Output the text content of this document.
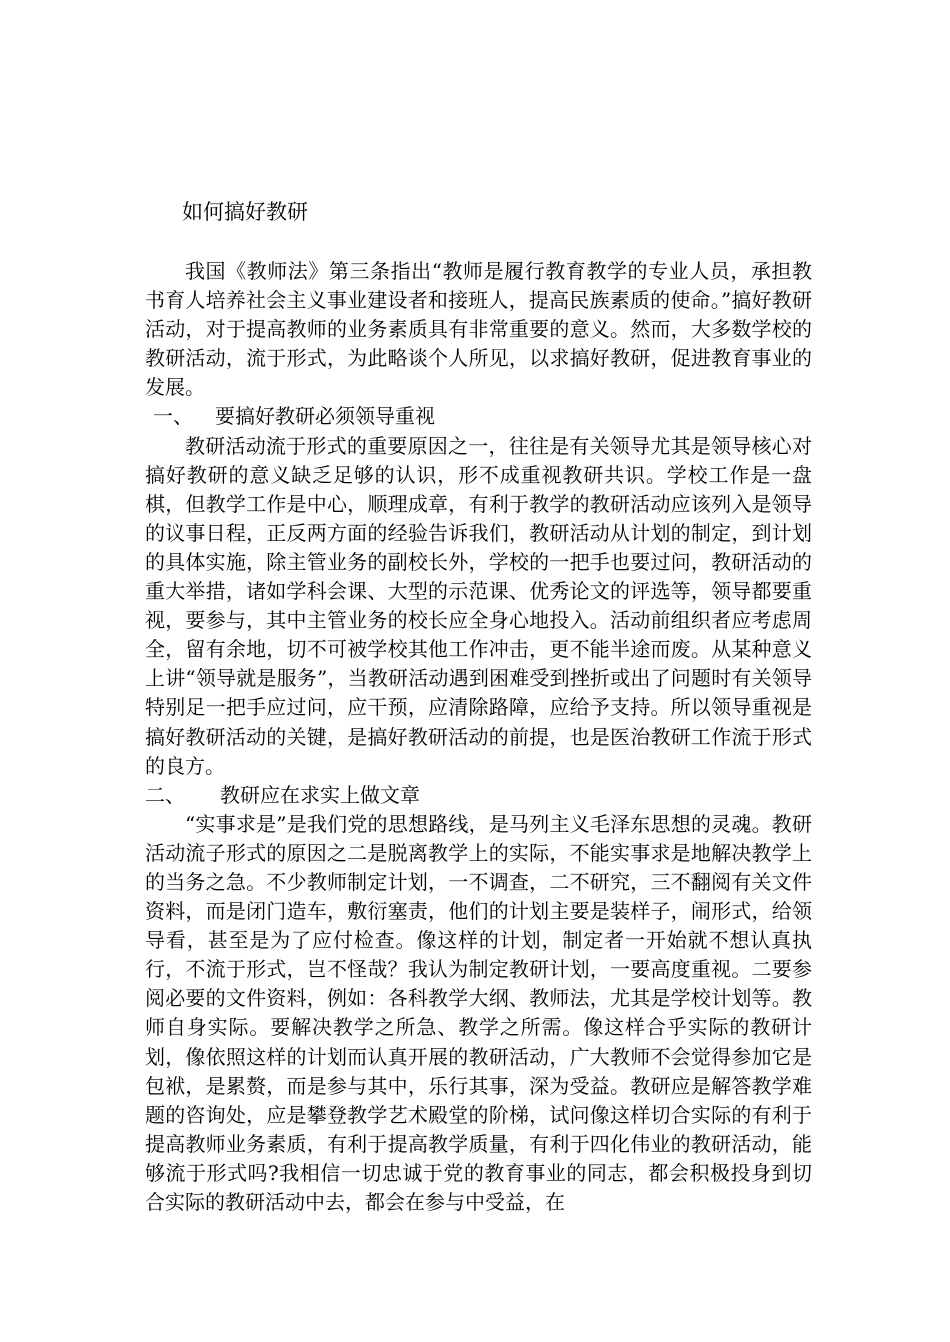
如何搞好教研

我国《教师法》第三条指出“教师是履行教育教学的专业人员，承担教书育人培养社会主义事业建设者和接班人，提高民族素质的使命。”搞好教研活动，对于提高教师的业务素质具有非常重要的意义。然而，大多数学校的教研活动，流于形式，为此略谈个人所见，以求搞好教研，促进教育事业的发展。

一、 要搞好教研必须领导重视

教研活动流于形式的重要原因之一，往往是有关领导尤其是领导核心对搞好教研的意义缺乏足够的认识，形不成重视教研共识。学校工作是一盘棋，但教学工作是中心，顺理成章，有利于教学的教研活动应该列入是领导的议事日程，正反两方面的经验告诉我们，教研活动从计划的制定，到计划的具体实施，除主管业务的副校长外，学校的一把手也要过问，教研活动的重大举措，诸如学科会课、大型的示范课、优秀论文的评选等，领导都要重视，要参与，其中主管业务的校长应全身心地投入。活动前组织者应考虑周全，留有余地，切不可被学校其他工作冲击，更不能半途而废。从某种意义上讲“领导就是服务”，当教研活动遇到困难受到挫折或出了问题时有关领导特别足一把手应过问，应干预，应清除路障，应给予支持。所以领导重视是搞好教研活动的关键，是搞好教研活动的前提，也是医治教研工作流于形式的良方。

二、 教研应在求实上做文章

“实事求是”是我们党的思想路线，是马列主义毛泽东思想的灵魂。教研活动流子形式的原因之二是脱离教学上的实际，不能实事求是地解决教学上的当务之急。不少教师制定计划，一不调查，二不研究，三不翻阅有关文件资料，而是闭门造车，敷衍塞责，他们的计划主要是装样子，闹形式，给领导看，甚至是为了应付检查。像这样的计划，制定者一开始就不想认真执行，不流于形式，岂不怪哉？我认为制定教研计划，一要高度重视。二要参阅必要的文件资料，例如：各科教学大纲、教师法，尤其是学校计划等。教师自身实际。要解决教学之所急、教学之所需。像这样合乎实际的教研计划，像依照这样的计划而认真开展的教研活动，广大教师不会觉得参加它是包袱，是累赘，而是参与其中，乐行其事，深为受益。教研应是解答教学难题的咨询处，应是攀登教学艺术殿堂的阶梯，试问像这样切合实际的有利于提高教师业务素质，有利于提高教学质量，有利于四化伟业的教研活动，能够流于形式吗?我相信一切忠诚于党的教育事业的同志，都会积极投身到切合实际的教研活动中去，都会在参与中受益，在
